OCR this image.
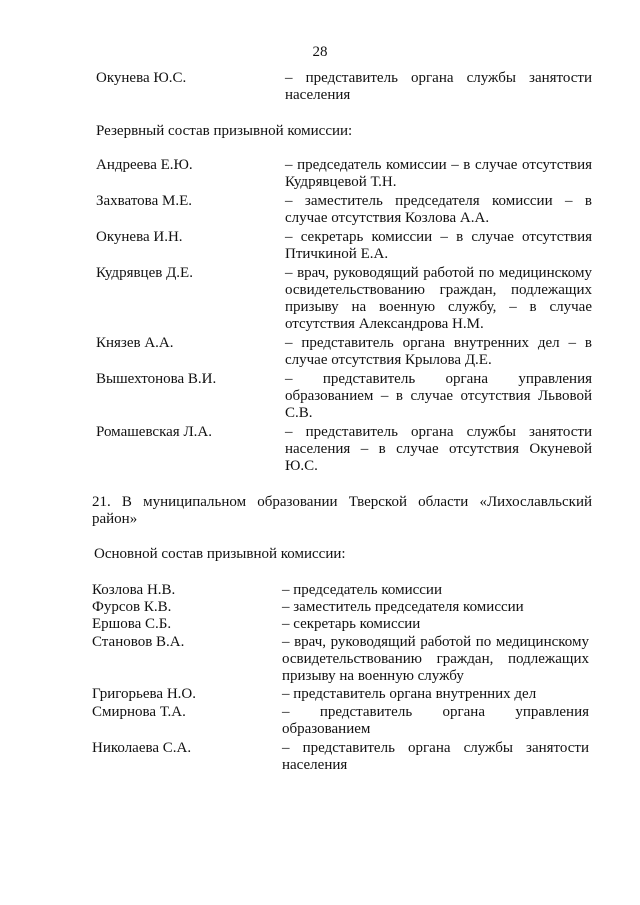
28
Окунева Ю.С.	– представитель органа службы занятости населения
Резервный состав призывной комиссии:
Андреева Е.Ю.	– председатель комиссии – в случае отсутствия Кудрявцевой Т.Н.
Захватова М.Е.	– заместитель председателя комиссии – в случае отсутствия Козлова А.А.
Окунева И.Н.	– секретарь комиссии – в случае отсутствия Птичкиной Е.А.
Кудрявцев Д.Е.	– врач, руководящий работой по медицинскому освидетельствованию граждан, подлежащих призыву на военную службу, – в случае отсутствия Александрова Н.М.
Князев А.А.	– представитель органа внутренних дел – в случае отсутствия Крылова Д.Е.
Вышехтонова В.И.	– представитель органа управления образованием – в случае отсутствия Львовой С.В.
Ромашевская Л.А.	– представитель органа службы занятости населения – в случае отсутствия Окуневой Ю.С.
21. В муниципальном образовании Тверской области «Лихославльский район»
Основной состав призывной комиссии:
Козлова Н.В.	– председатель комиссии
Фурсов К.В.	– заместитель председателя комиссии
Ершова С.Б.	– секретарь комиссии
Становов В.А.	– врач, руководящий работой по медицинскому освидетельствованию граждан, подлежащих призыву на военную службу
Григорьева Н.О.	– представитель органа внутренних дел
Смирнова Т.А.	– представитель органа управления образованием
Николаева С.А.	– представитель органа службы занятости населения
